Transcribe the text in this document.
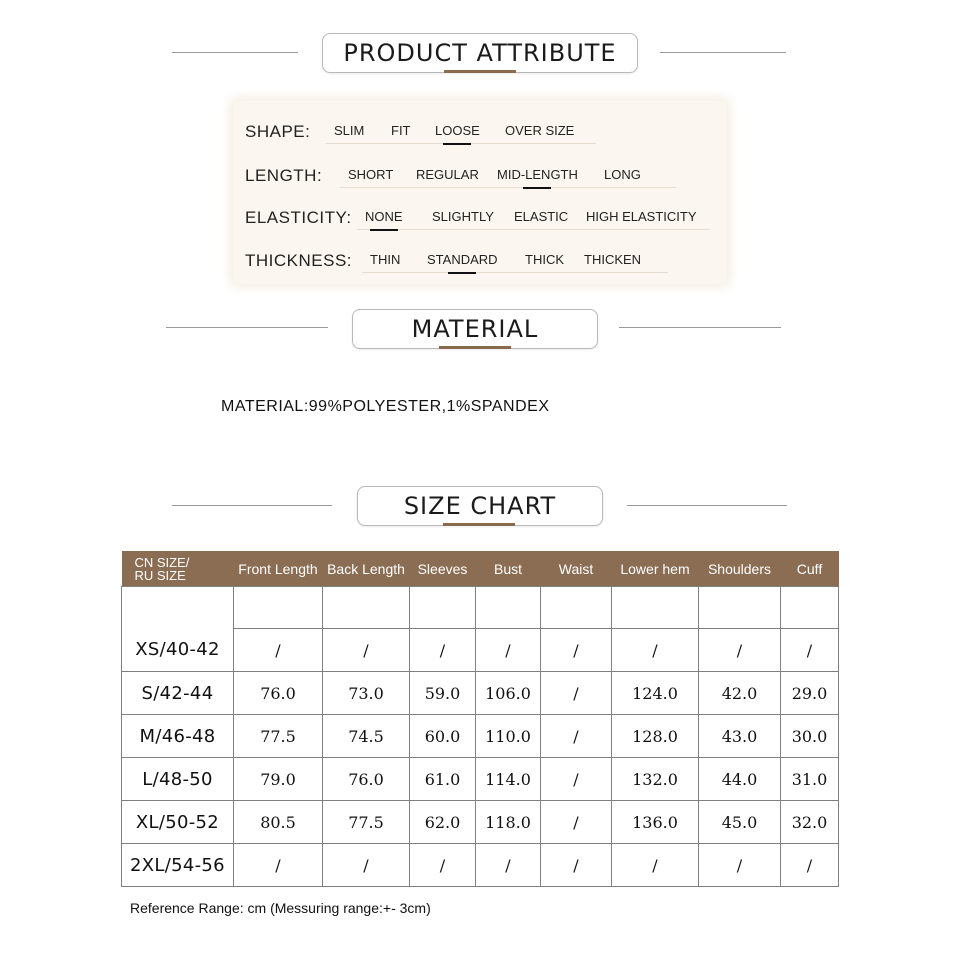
PRODUCT ATTRIBUTE
SHAPE: SLIM FIT LOOSE OVER SIZE
LENGTH: SHORT REGULAR MID-LENGTH LONG
ELASTICITY: NONE SLIGHTLY ELASTIC HIGH ELASTICITY
THICKNESS: THIN STANDARD THICK THICKEN
MATERIAL
MATERIAL:99%POLYESTER,1%SPANDEX
SIZE CHART
CN SIZE/
RU SIZE	Front Length	Back Length	Sleeves	Bust	Waist	Lower hem	Shoulders	Cuff

XS/40-42	/	/	/	/	/	/	/	/
S/42-44	76.0	73.0	59.0	106.0	/	124.0	42.0	29.0
M/46-48	77.5	74.5	60.0	110.0	/	128.0	43.0	30.0
L/48-50	79.0	76.0	61.0	114.0	/	132.0	44.0	31.0
XL/50-52	80.5	77.5	62.0	118.0	/	136.0	45.0	32.0
2XL/54-56	/	/	/	/	/	/	/	/
Reference Range: cm (Messuring range:+- 3cm)
